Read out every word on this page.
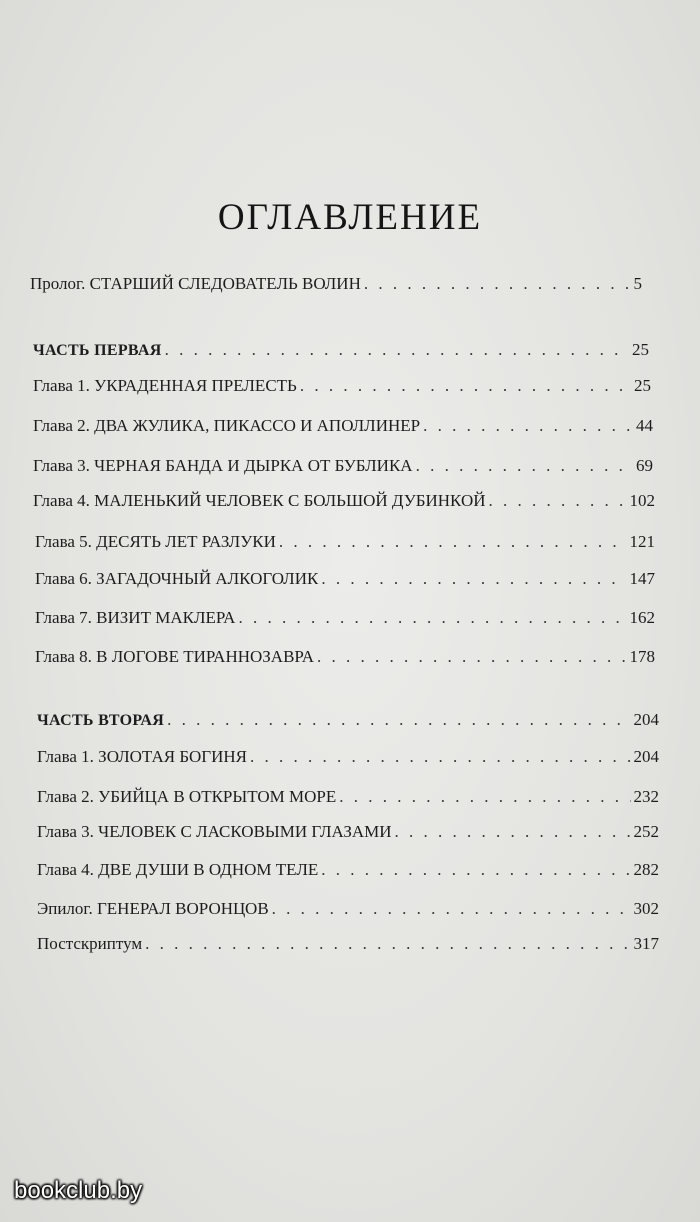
ОГЛАВЛЕНИЕ
Пролог. СТАРШИЙ СЛЕДОВАТЕЛЬ ВОЛИН . . .	5
ЧАСТЬ ПЕРВАЯ . . .	25
Глава 1. УКРАДЕННАЯ ПРЕЛЕСТЬ . . .	25
Глава 2. ДВА ЖУЛИКА, ПИКАССО И АПОЛЛИНЕР . . .	44
Глава 3. ЧЕРНАЯ БАНДА И ДЫРКА ОТ БУБЛИКА . . .	69
Глава 4. МАЛЕНЬКИЙ ЧЕЛОВЕК С БОЛЬШОЙ ДУБИНКОЙ . . .	102
Глава 5. ДЕСЯТЬ ЛЕТ РАЗЛУКИ . . .	121
Глава 6. ЗАГАДОЧНЫЙ АЛКОГОЛИК . . .	147
Глава 7. ВИЗИТ МАКЛЕРА . . .	162
Глава 8. В ЛОГОВЕ ТИРАННОЗАВРА . . .	178
ЧАСТЬ ВТОРАЯ . . .	204
Глава 1. ЗОЛОТАЯ БОГИНЯ . . .	204
Глава 2. УБИЙЦА В ОТКРЫТОМ МОРЕ . . .	232
Глава 3. ЧЕЛОВЕК С ЛАСКОВЫМИ ГЛАЗАМИ . . .	252
Глава 4. ДВЕ ДУШИ В ОДНОМ ТЕЛЕ . . .	282
Эпилог. ГЕНЕРАЛ ВОРОНЦОВ . . .	302
Постскриптум . . .	317
bookclub.by
